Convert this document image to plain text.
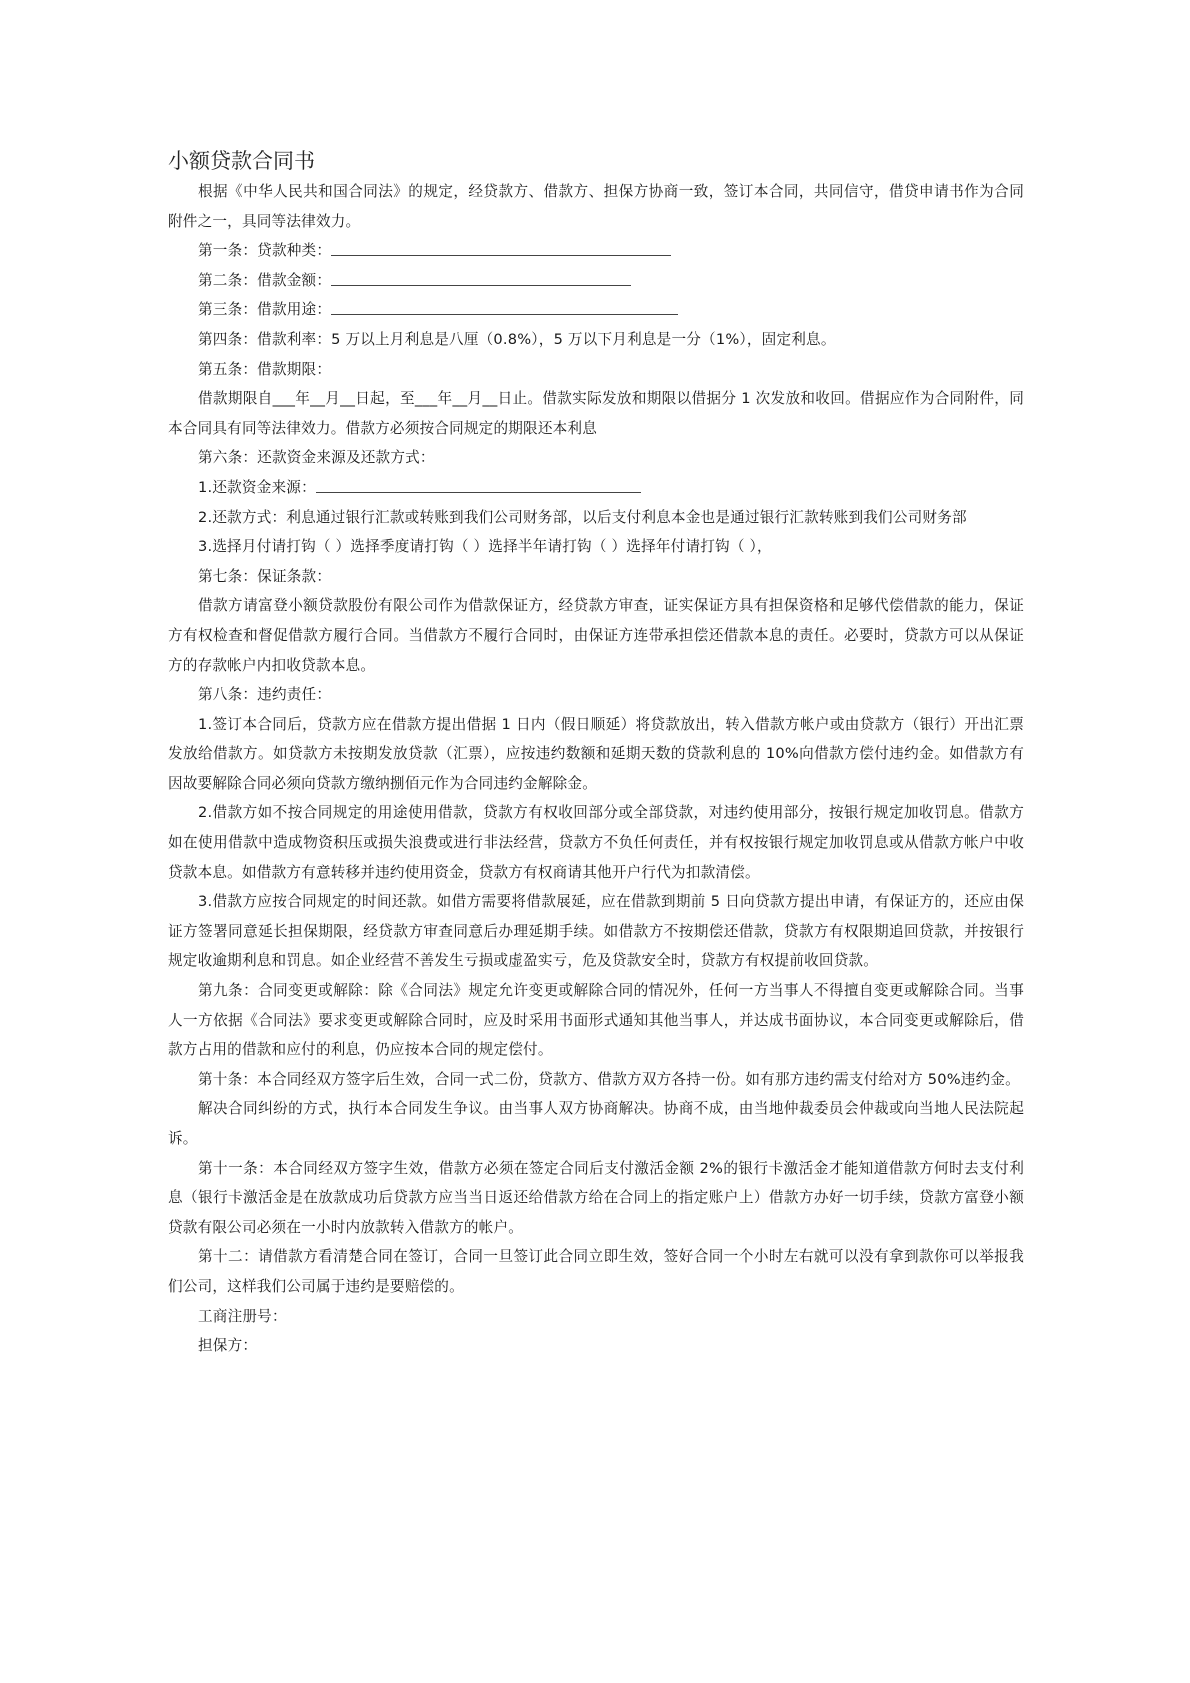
小额贷款合同书

根据《中华人民共和国合同法》的规定，经贷款方、借款方、担保方协商一致，签订本合同，共同信守，借贷申请书作为合同附件之一，具同等法律效力。

第一条：贷款种类：

第二条：借款金额：

第三条：借款用途：

第四条：借款利率：5 万以上月利息是八厘（0.8%），5 万以下月利息是一分（1%），固定利息。

第五条：借款期限：

借款期限自___年__月__日起，至___年__月__日止。借款实际发放和期限以借据分 1 次发放和收回。借据应作为合同附件，同本合同具有同等法律效力。借款方必须按合同规定的期限还本利息

第六条：还款资金来源及还款方式：

1.还款资金来源：

2.还款方式：利息通过银行汇款或转账到我们公司财务部，以后支付利息本金也是通过银行汇款转账到我们公司财务部

3.选择月付请打钩（ ）选择季度请打钩（ ）选择半年请打钩（ ）选择年付请打钩（ ），

第七条：保证条款：

借款方请富登小额贷款股份有限公司作为借款保证方，经贷款方审查，证实保证方具有担保资格和足够代偿借款的能力，保证方有权检查和督促借款方履行合同。当借款方不履行合同时，由保证方连带承担偿还借款本息的责任。必要时，贷款方可以从保证方的存款帐户内扣收贷款本息。

第八条：违约责任：

1.签订本合同后，贷款方应在借款方提出借据 1 日内（假日顺延）将贷款放出，转入借款方帐户或由贷款方（银行）开出汇票发放给借款方。如贷款方未按期发放贷款（汇票），应按违约数额和延期天数的贷款利息的 10%向借款方偿付违约金。如借款方有因故要解除合同必须向贷款方缴纳捌佰元作为合同违约金解除金。

2.借款方如不按合同规定的用途使用借款，贷款方有权收回部分或全部贷款，对违约使用部分，按银行规定加收罚息。借款方如在使用借款中造成物资积压或损失浪费或进行非法经营，贷款方不负任何责任，并有权按银行规定加收罚息或从借款方帐户中收贷款本息。如借款方有意转移并违约使用资金，贷款方有权商请其他开户行代为扣款清偿。

3.借款方应按合同规定的时间还款。如借方需要将借款展延，应在借款到期前 5 日向贷款方提出申请，有保证方的，还应由保证方签署同意延长担保期限，经贷款方审查同意后办理延期手续。如借款方不按期偿还借款，贷款方有权限期追回贷款，并按银行规定收逾期利息和罚息。如企业经营不善发生亏损或虚盈实亏，危及贷款安全时，贷款方有权提前收回贷款。

第九条：合同变更或解除：除《合同法》规定允许变更或解除合同的情况外，任何一方当事人不得擅自变更或解除合同。当事人一方依据《合同法》要求变更或解除合同时，应及时采用书面形式通知其他当事人，并达成书面协议，本合同变更或解除后，借款方占用的借款和应付的利息，仍应按本合同的规定偿付。

第十条：本合同经双方签字后生效，合同一式二份，贷款方、借款方双方各持一份。如有那方违约需支付给对方 50%违约金。

解决合同纠纷的方式，执行本合同发生争议。由当事人双方协商解决。协商不成，由当地仲裁委员会仲裁或向当地人民法院起诉。

第十一条：本合同经双方签字生效，借款方必须在签定合同后支付激活金额 2%的银行卡激活金才能知道借款方何时去支付利息（银行卡激活金是在放款成功后贷款方应当当日返还给借款方给在合同上的指定账户上）借款方办好一切手续，贷款方富登小额贷款有限公司必须在一小时内放款转入借款方的帐户。

第十二：请借款方看清楚合同在签订，合同一旦签订此合同立即生效，签好合同一个小时左右就可以没有拿到款你可以举报我们公司，这样我们公司属于违约是要赔偿的。

工商注册号：

担保方：
